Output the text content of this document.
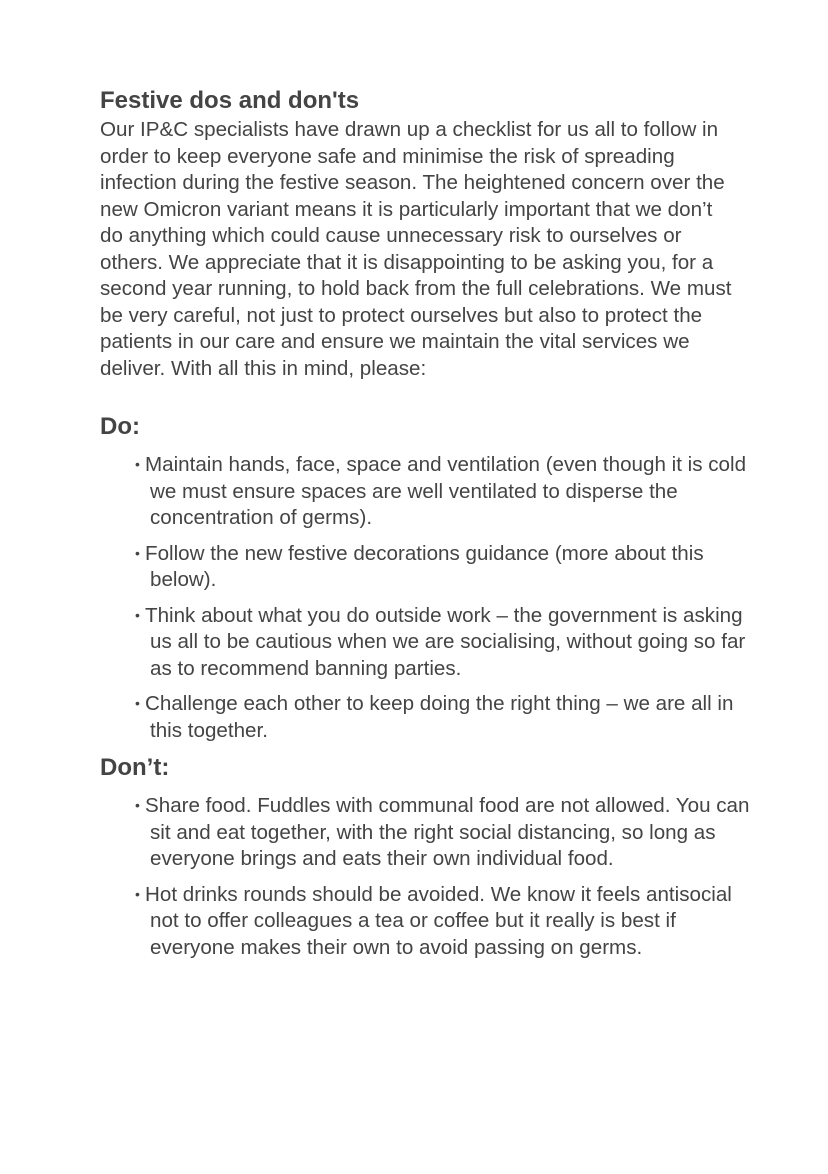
Festive dos and don'ts

Our IP&C specialists have drawn up a checklist for us all to follow in order to keep everyone safe and minimise the risk of spreading infection during the festive season. The heightened concern over the new Omicron variant means it is particularly important that we don’t do anything which could cause unnecessary risk to ourselves or others. We appreciate that it is disappointing to be asking you, for a second year running, to hold back from the full celebrations. We must be very careful, not just to protect ourselves but also to protect the patients in our care and ensure we maintain the vital services we deliver. With all this in mind, please:

Do:
• Maintain hands, face, space and ventilation (even though it is cold we must ensure spaces are well ventilated to disperse the concentration of germs).
• Follow the new festive decorations guidance (more about this below).
• Think about what you do outside work – the government is asking us all to be cautious when we are socialising, without going so far as to recommend banning parties.
• Challenge each other to keep doing the right thing – we are all in this together.
Don’t:
• Share food. Fuddles with communal food are not allowed. You can sit and eat together, with the right social distancing, so long as everyone brings and eats their own individual food.
• Hot drinks rounds should be avoided. We know it feels antisocial not to offer colleagues a tea or coffee but it really is best if everyone makes their own to avoid passing on germs.
